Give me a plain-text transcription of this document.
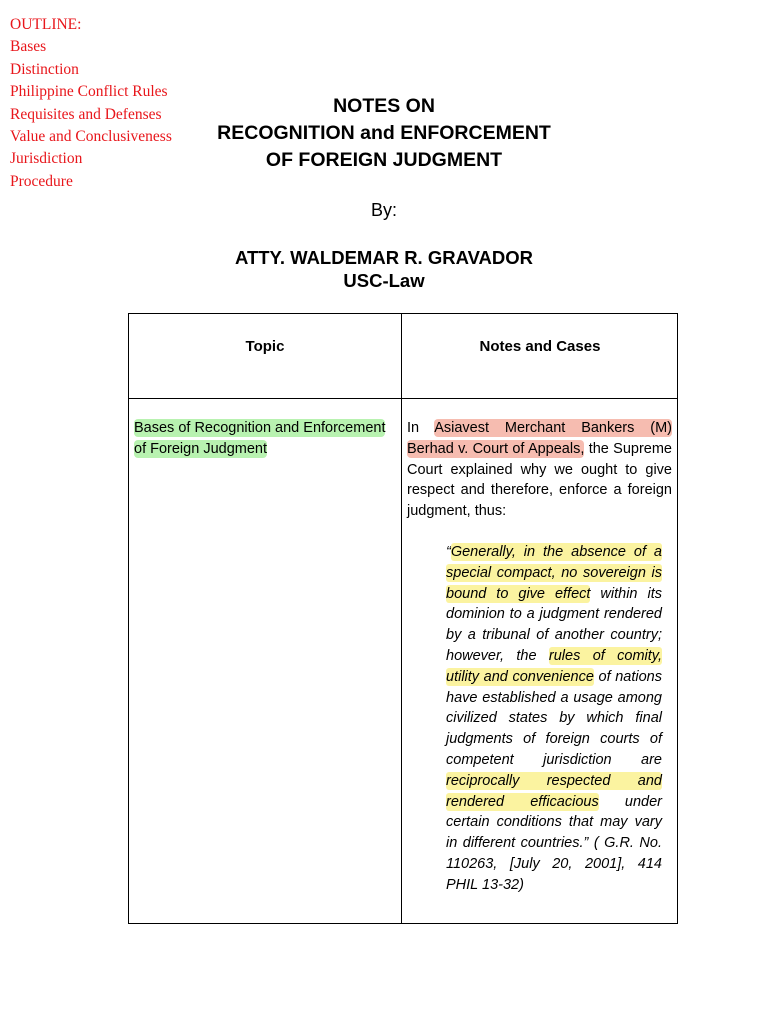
OUTLINE:
Bases
Distinction
Philippine Conflict Rules
Requisites and Defenses
Value and Conclusiveness
Jurisdiction
Procedure
NOTES ON
RECOGNITION and ENFORCEMENT
OF FOREIGN JUDGMENT
By:
ATTY. WALDEMAR R. GRAVADOR
USC-Law
Topic	Notes and Cases
Bases of Recognition and Enforcement of Foreign Judgment
In Asiavest Merchant Bankers (M) Berhad v. Court of Appeals, the Supreme Court explained why we ought to give respect and therefore, enforce a foreign judgment, thus:
“Generally, in the absence of a special compact, no sovereign is bound to give effect within its dominion to a judgment rendered by a tribunal of another country; however, the rules of comity, utility and convenience of nations have established a usage among civilized states by which final judgments of foreign courts of competent jurisdiction are reciprocally respected and rendered efficacious under certain conditions that may vary in different countries.” ( G.R. No. 110263, [July 20, 2001], 414 PHIL 13-32)
